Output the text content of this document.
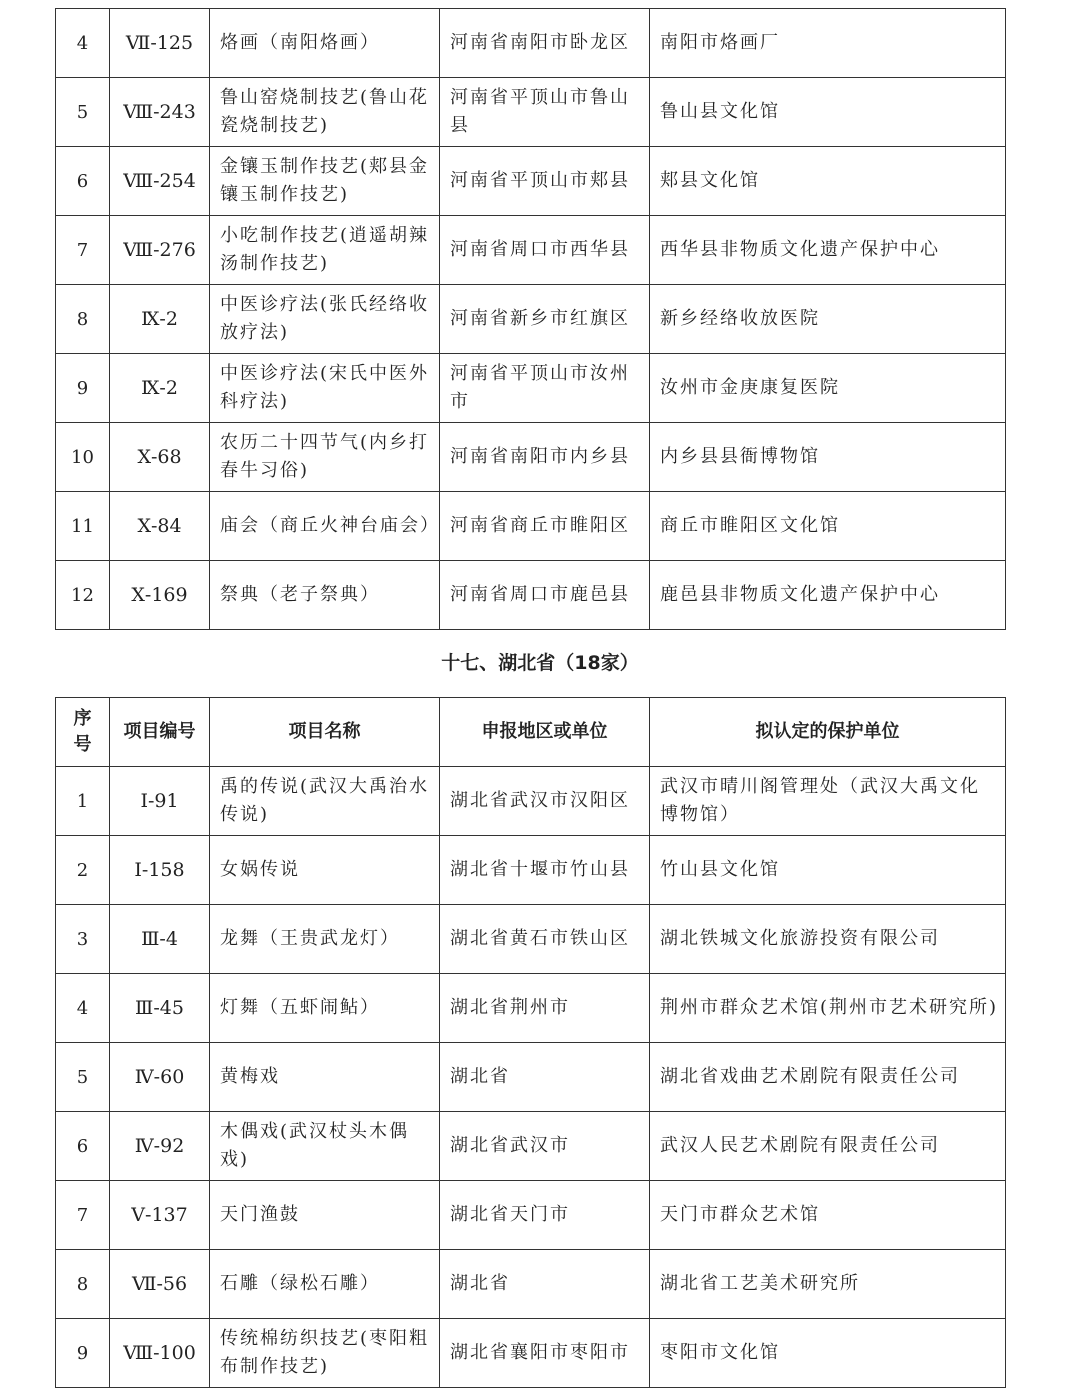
4	Ⅶ-125	烙画（南阳烙画）	河南省南阳市卧龙区	南阳市烙画厂
5	Ⅷ-243	鲁山窑烧制技艺(鲁山花瓷烧制技艺)	河南省平顶山市鲁山县	鲁山县文化馆
6	Ⅷ-254	金镶玉制作技艺(郏县金镶玉制作技艺)	河南省平顶山市郏县	郏县文化馆
7	Ⅷ-276	小吃制作技艺(逍遥胡辣汤制作技艺)	河南省周口市西华县	西华县非物质文化遗产保护中心
8	Ⅸ-2	中医诊疗法(张氏经络收放疗法)	河南省新乡市红旗区	新乡经络收放医院
9	Ⅸ-2	中医诊疗法(宋氏中医外科疗法)	河南省平顶山市汝州市	汝州市金庚康复医院
10	Ⅹ-68	农历二十四节气(内乡打春牛习俗)	河南省南阳市内乡县	内乡县县衙博物馆
11	Ⅹ-84	庙会（商丘火神台庙会）	河南省商丘市睢阳区	商丘市睢阳区文化馆
12	Ⅹ-169	祭典（老子祭典）	河南省周口市鹿邑县	鹿邑县非物质文化遗产保护中心
十七、湖北省（18家）
序号	项目编号	项目名称	申报地区或单位	拟认定的保护单位
1	Ⅰ-91	禹的传说(武汉大禹治水传说)	湖北省武汉市汉阳区	武汉市晴川阁管理处（武汉大禹文化博物馆）
2	Ⅰ-158	女娲传说	湖北省十堰市竹山县	竹山县文化馆
3	Ⅲ-4	龙舞（王贵武龙灯）	湖北省黄石市铁山区	湖北铁城文化旅游投资有限公司
4	Ⅲ-45	灯舞（五虾闹鲇）	湖北省荆州市	荆州市群众艺术馆(荆州市艺术研究所)
5	Ⅳ-60	黄梅戏	湖北省	湖北省戏曲艺术剧院有限责任公司
6	Ⅳ-92	木偶戏(武汉杖头木偶戏)	湖北省武汉市	武汉人民艺术剧院有限责任公司
7	Ⅴ-137	天门渔鼓	湖北省天门市	天门市群众艺术馆
8	Ⅶ-56	石雕（绿松石雕）	湖北省	湖北省工艺美术研究所
9	Ⅷ-100	传统棉纺织技艺(枣阳粗布制作技艺)	湖北省襄阳市枣阳市	枣阳市文化馆
